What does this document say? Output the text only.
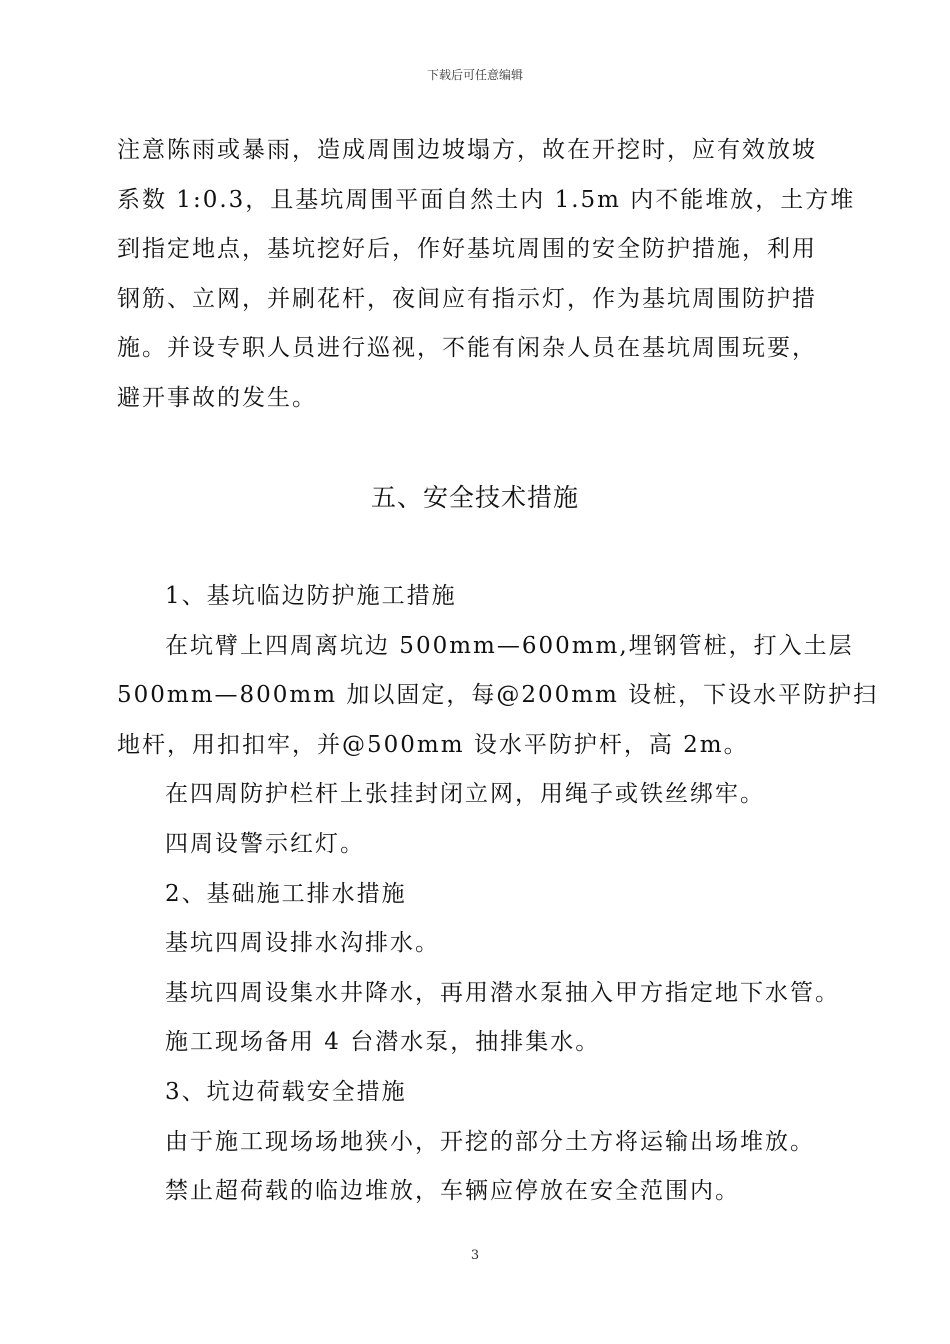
下载后可任意编辑

注意陈雨或暴雨，造成周围边坡塌方，故在开挖时，应有效放坡

系数 1:0.3，且基坑周围平面自然土内 1.5m 内不能堆放，土方堆

到指定地点，基坑挖好后，作好基坑周围的安全防护措施，利用

钢筋、立网，并刷花杆，夜间应有指示灯，作为基坑周围防护措

施。并设专职人员进行巡视，不能有闲杂人员在基坑周围玩要，

避开事故的发生。

五、安全技术措施

1、基坑临边防护施工措施

在坑臂上四周离坑边 500mm—600mm,埋钢管桩，打入土层

500mm—800mm 加以固定，每@200mm 设桩，下设水平防护扫

地杆，用扣扣牢，并@500mm 设水平防护杆，高 2m。

在四周防护栏杆上张挂封闭立网，用绳子或铁丝绑牢。

四周设警示红灯。

2、基础施工排水措施

基坑四周设排水沟排水。

基坑四周设集水井降水，再用潜水泵抽入甲方指定地下水管。

施工现场备用 4 台潜水泵，抽排集水。

3、坑边荷载安全措施

由于施工现场场地狭小，开挖的部分土方将运输出场堆放。

禁止超荷载的临边堆放，车辆应停放在安全范围内。

3
